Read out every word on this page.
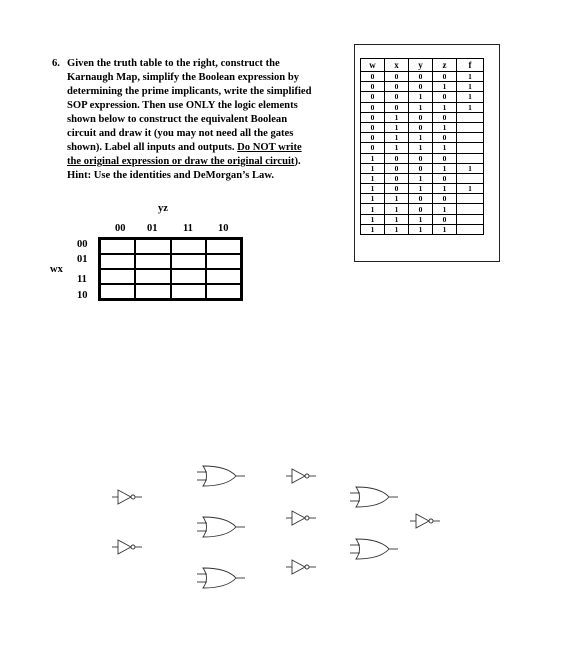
6. Given the truth table to the right, construct the
Karnaugh Map, simplify the Boolean expression by
determining the prime implicants, write the simplified
SOP expression. Then use ONLY the logic elements
shown below to construct the equivalent Boolean
circuit and draw it (you may not need all the gates
shown). Label all inputs and outputs. Do NOT write
the original expression or draw the original circuit).
Hint: Use the identities and DeMorgan’s Law.
w	x	y	z	f
0	0	0	0	1
0	0	0	1	1
0	0	1	0	1
0	0	1	1	1
0	1	0	0	
0	1	0	1	
0	1	1	0	
0	1	1	1	
1	0	0	0	
1	0	0	1	1
1	0	1	0	
1	0	1	1	1
1	1	0	0	
1	1	0	1	
1	1	1	0	
1	1	1	1	
yz
00 01 11 10
wx
00
01
11
10
